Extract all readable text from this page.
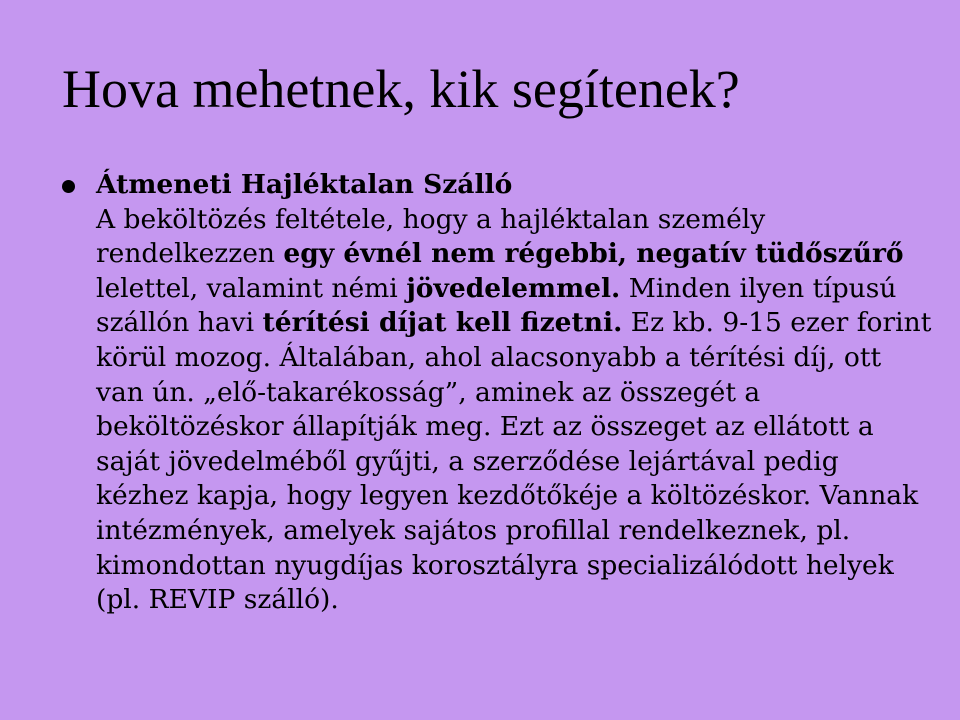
Hova mehetnek, kik segítenek?

Átmeneti Hajléktalan Szálló

A beköltözés feltétele, hogy a hajléktalan személy rendelkezzen egy évnél nem régebbi, negatív tüdőszűrő lelettel, valamint némi jövedelemmel. Minden ilyen típusú szállón havi térítési díjat kell fizetni. Ez kb. 9-15 ezer forint körül mozog. Általában, ahol alacsonyabb a térítési díj, ott van ún. „elő-takarékosság”, aminek az összegét a beköltözéskor állapítják meg. Ezt az összeget az ellátott a saját jövedelméből gyűjti, a szerződése lejártával pedig kézhez kapja, hogy legyen kezdőtőkéje a költözéskor. Vannak intézmények, amelyek sajátos profillal rendelkeznek, pl. kimondottan nyugdíjas korosztályra specializálódott helyek (pl. REVIP szálló).
